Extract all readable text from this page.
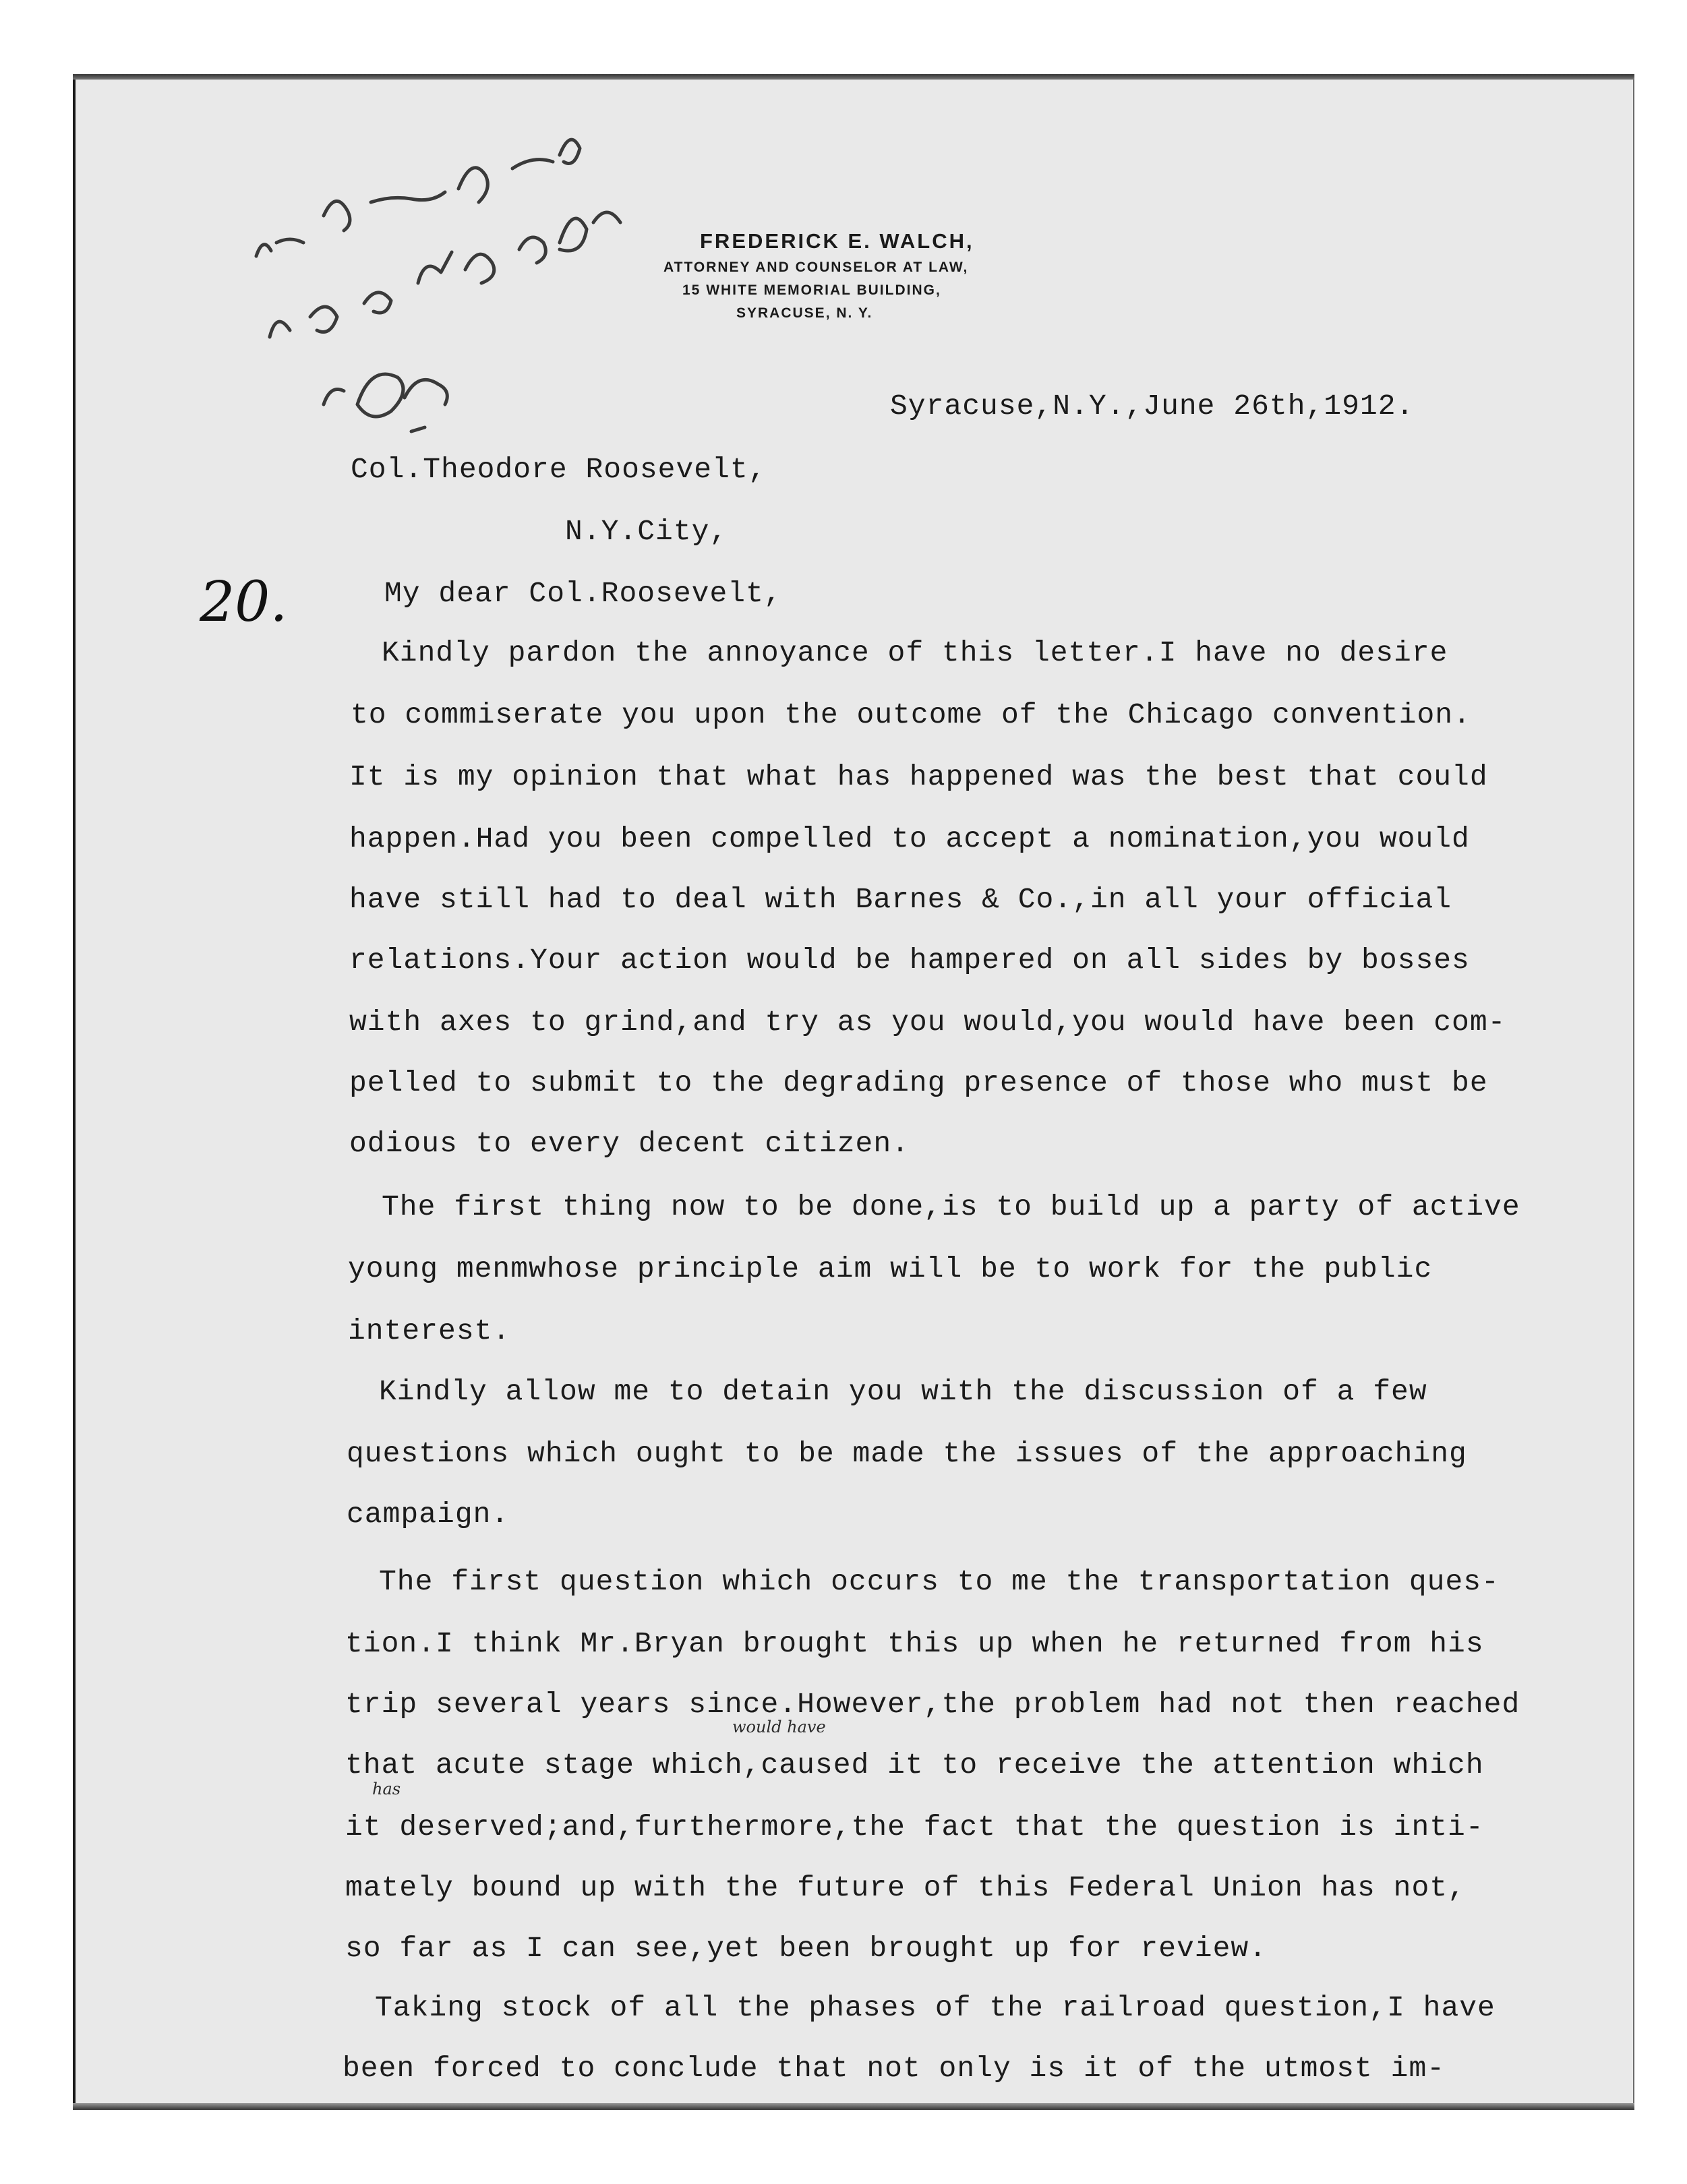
FREDERICK E. WALCH,
ATTORNEY AND COUNSELOR AT LAW,
15 WHITE MEMORIAL BUILDING,
SYRACUSE, N. Y.
Syracuse,N.Y.,June 26th,1912.
Col.Theodore Roosevelt,
N.Y.City,
20.	My dear Col.Roosevelt,
Kindly pardon the annoyance of this letter.I have no desire
to commiserate you upon the outcome of the Chicago convention.
It is my opinion that what has happened was the best that could
happen.Had you been compelled to accept a nomination,you would
have still had to deal with Barnes & Co.,in all your official
relations.Your action would be hampered on all sides by bosses
with axes to grind,and try as you would,you would have been com-
pelled to submit to the degrading presence of those who must be
odious to every decent citizen.
The first thing now to be done,is to build up a party of active
young menmwhose principle aim will be to work for the public
interest.
Kindly allow me to detain you with the discussion of a few
questions which ought to be made the issues of the approaching
campaign.
The first question which occurs to me the transportation ques-
tion.I think Mr.Bryan brought this up when he returned from his
trip several years since.However,the problem had not then reached
would have
that acute stage which,caused it to receive the attention which
has
it deserved;and,furthermore,the fact that the question is inti-
mately bound up with the future of this Federal Union has not,
so far as I can see,yet been brought up for review.
Taking stock of all the phases of the railroad question,I have
been forced to conclude that not only is it of the utmost im-
